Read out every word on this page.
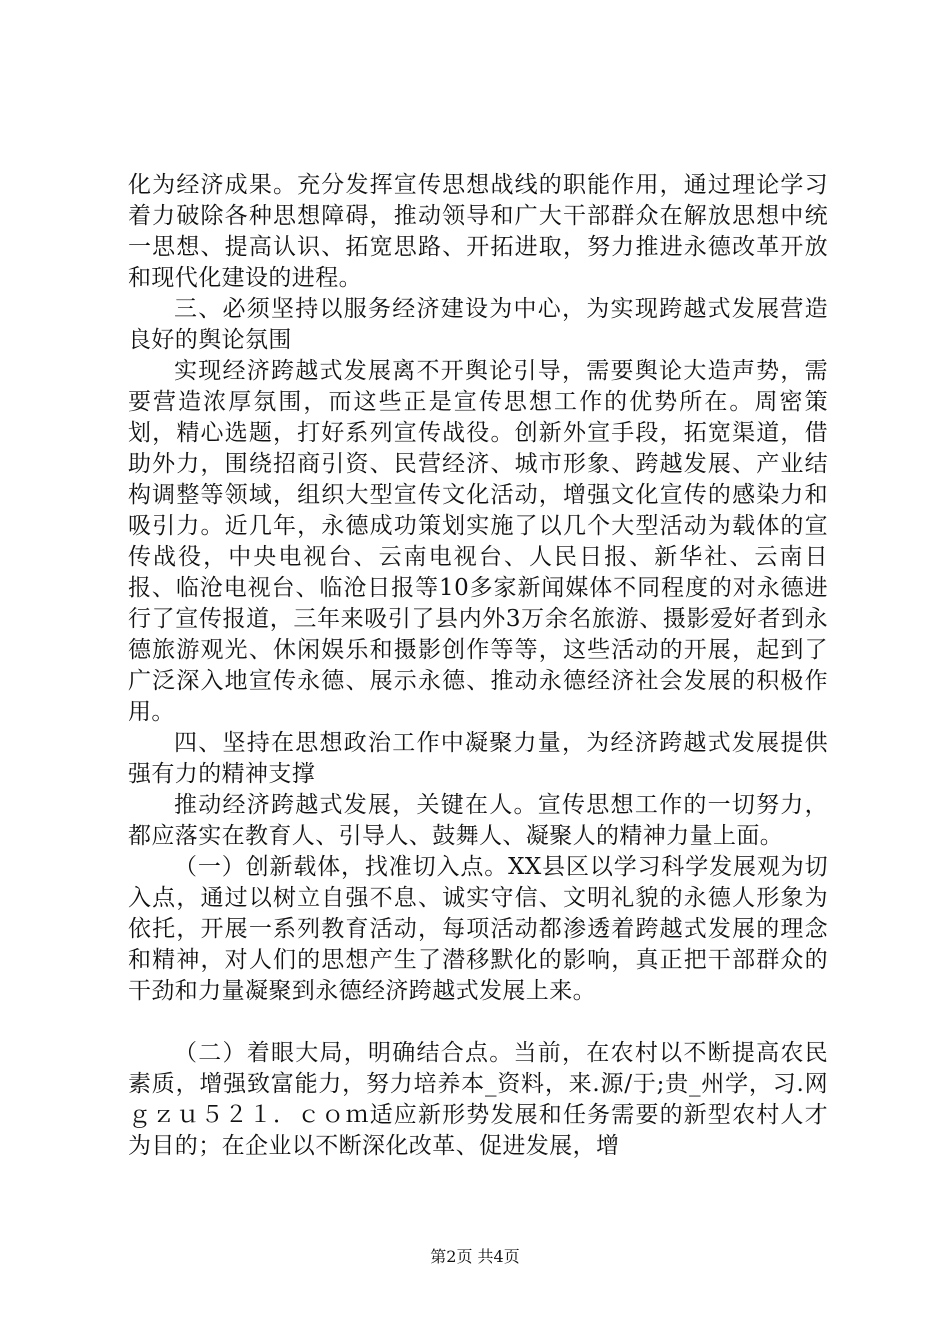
化为经济成果。充分发挥宣传思想战线的职能作用，通过理论学习着力破除各种思想障碍，推动领导和广大干部群众在解放思想中统一思想、提高认识、拓宽思路、开拓进取，努力推进永德改革开放和现代化建设的进程。

三、必须坚持以服务经济建设为中心，为实现跨越式发展营造良好的舆论氛围

实现经济跨越式发展离不开舆论引导，需要舆论大造声势，需要营造浓厚氛围，而这些正是宣传思想工作的优势所在。周密策划，精心选题，打好系列宣传战役。创新外宣手段，拓宽渠道，借助外力，围绕招商引资、民营经济、城市形象、跨越发展、产业结构调整等领域，组织大型宣传文化活动，增强文化宣传的感染力和吸引力。近几年，永德成功策划实施了以几个大型活动为载体的宣传战役，中央电视台、云南电视台、人民日报、新华社、云南日报、临沧电视台、临沧日报等10多家新闻媒体不同程度的对永德进行了宣传报道，三年来吸引了县内外3万余名旅游、摄影爱好者到永德旅游观光、休闲娱乐和摄影创作等等，这些活动的开展，起到了广泛深入地宣传永德、展示永德、推动永德经济社会发展的积极作用。

四、坚持在思想政治工作中凝聚力量，为经济跨越式发展提供强有力的精神支撑

推动经济跨越式发展，关键在人。宣传思想工作的一切努力，都应落实在教育人、引导人、鼓舞人、凝聚人的精神力量上面。

（一）创新载体，找准切入点。XX县区以学习科学发展观为切入点，通过以树立自强不息、诚实守信、文明礼貌的永德人形象为依托，开展一系列教育活动，每项活动都渗透着跨越式发展的理念和精神，对人们的思想产生了潜移默化的影响，真正把干部群众的干劲和力量凝聚到永德经济跨越式发展上来。

（二）着眼大局，明确结合点。当前，在农村以不断提高农民素质，增强致富能力，努力培养本_资料，来.源/于;贵_州学，习.网ｇｚｕ５２１．ｃｏｍ适应新形势发展和任务需要的新型农村人才为目的；在企业以不断深化改革、促进发展，增

第2页 共4页
